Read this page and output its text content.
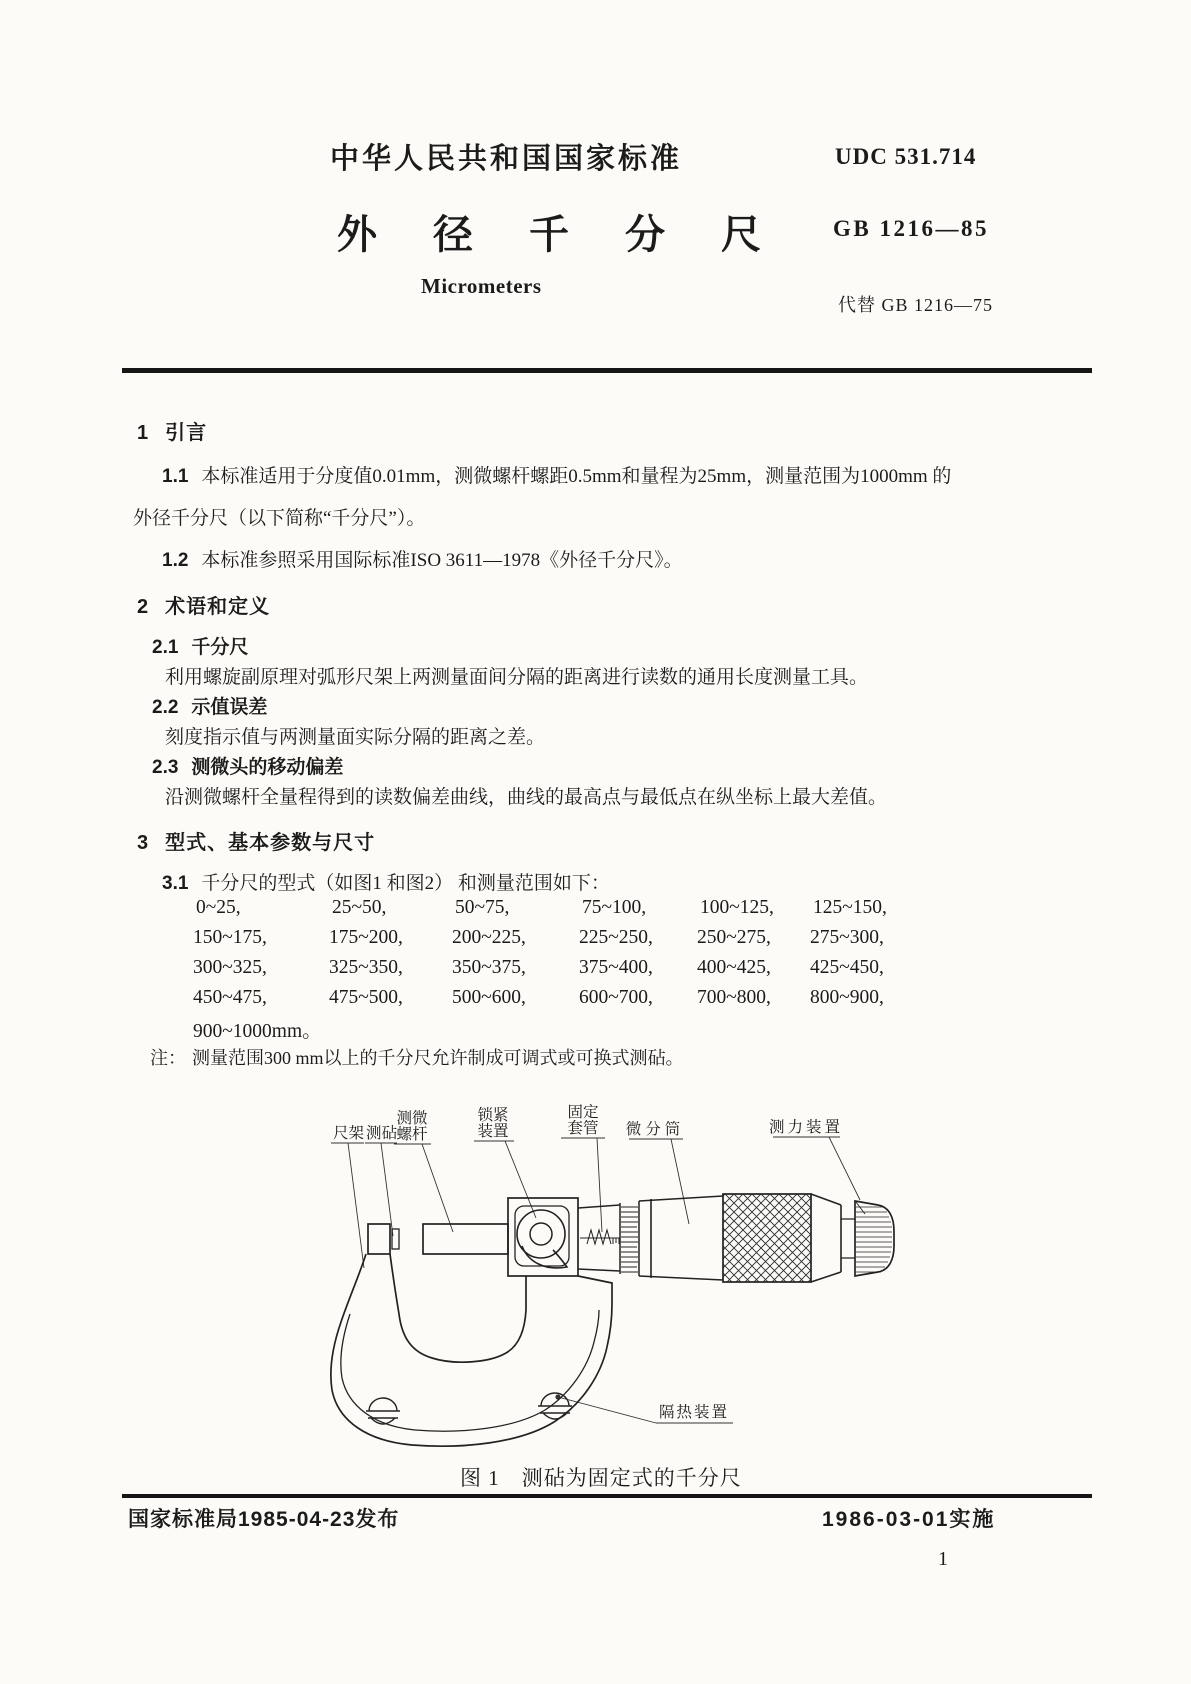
中华人民共和国国家标准
外 径 千 分 尺
Micrometers
UDC 531.714
GB 1216—85
代替 GB 1216—75
1 引言
1.1 本标准适用于分度值0.01mm，测微螺杆螺距0.5mm和量程为25mm，测量范围为1000mm 的
外径千分尺（以下简称“千分尺”）。
1.2 本标准参照采用国际标准ISO 3611—1978《外径千分尺》。
2 术语和定义
2.1 千分尺
利用螺旋副原理对弧形尺架上两测量面间分隔的距离进行读数的通用长度测量工具。
2.2 示值误差
刻度指示值与两测量面实际分隔的距离之差。
2.3 测微头的移动偏差
沿测微螺杆全量程得到的读数偏差曲线，曲线的最高点与最低点在纵坐标上最大差值。
3 型式、基本参数与尺寸
3.1 千分尺的型式（如图1 和图2） 和测量范围如下：
0~25,	25~50,	50~75,	75~100,	100~125, 125~150,
150~175,	175~200,	200~225,	225~250, 250~275, 275~300,
300~325,	325~350,	350~375,	375~400, 400~425, 425~450,
450~475,	475~500,	500~600,	600~700, 700~800, 800~900,
900~1000mm。
注： 测量范围300 mm以上的千分尺允许制成可调式或可换式测砧。
尺架 测砧
测微
螺杆
锁紧
装置
固定
套管 微分筒	测力装置
隔热装置
图 1　测砧为固定式的千分尺
国家标准局1985-04-23发布	1986-03-01实施
1
